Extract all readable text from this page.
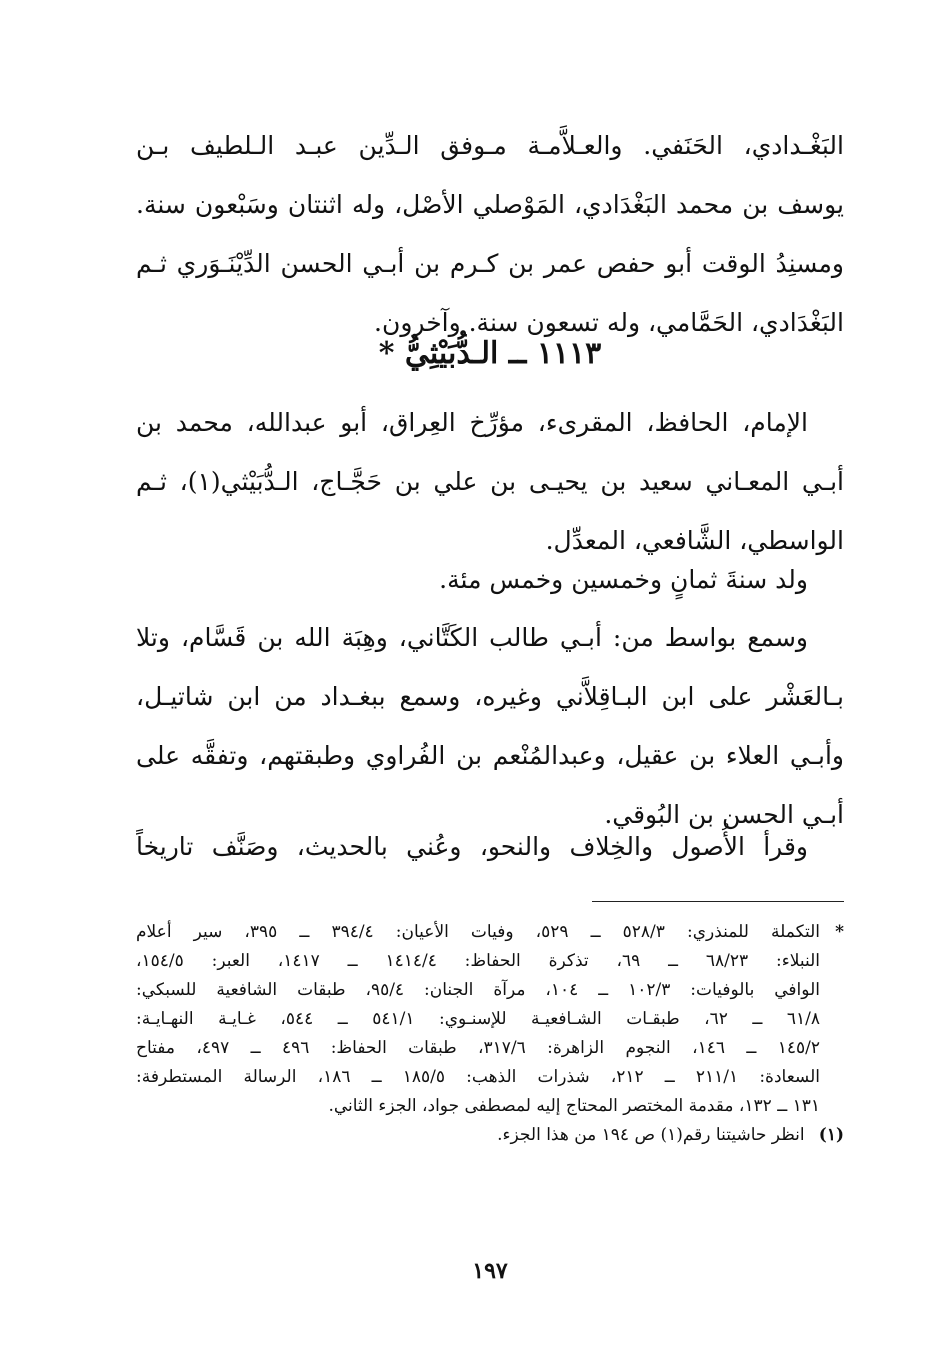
البَغْـدادي، الحَنَفي. والعـلاَّمـة مـوفق الـدِّين عبـد الـلطيف بـن
يوسف بن محمد البَغْدَادي، المَوْصلي الأصْل، وله اثنتان وسَبْعون سنة.
ومسنِدُ الوقت أبو حفص عمر بن كـرم بن أبـي الحسن الدِّيْنَـوَري ثـم
البَغْدَادي، الحَمَّامي، وله تسعون سنة. وآخرون.
١١١٣ ــ الـدُّبَيْثِيُّ *
الإمام، الحافظ، المقرىء، مؤرِّخ العِراق، أبو عبدالله، محمد بن
أبـي المعـاني سعيد بن يحيـى بن علي بن حَجَّـاج، الـدُّبَيْثي(١)، ثـم
الواسطي، الشَّافعي، المعدِّل.
ولد سنةَ ثمانٍ وخمسين وخمس مئة.
وسمع بواسط من: أبـي طالب الكَتَّاني، وهِبَة الله بن قَسَّام، وتلا
بـالعَشْر على ابن البـاقِلاَّني وغيره، وسمع ببغـداد من ابن شاتيـل،
وأبـي العلاء بن عقيل، وعبدالمُنْعم بن الفُراوي وطبقتهم، وتفقَّه على
أبـي الحسن بن البُوقي.
وقرأ الأُصول والخِلاف والنحو، وعُني بالحديث، وصَنَّف تاريخاً
*التكملة للمنذري: ٥٢٨/٣ ــ ٥٢٩، وفيات الأعيان: ٣٩٤/٤ ــ ٣٩٥، سير أعلام
النبلاء: ٦٨/٢٣ ــ ٦٩، تذكرة الحفاظ: ١٤١٤/٤ ــ ١٤١٧، العبر: ١٥٤/٥،
الوافي بالوفيات: ١٠٢/٣ ــ ١٠٤، مرآة الجنان: ٩٥/٤، طبقات الشافعية للسبكي:
٦١/٨ ــ ٦٢، طبقـات الشـافعيـة للإسنـوي: ٥٤١/١ ــ ٥٤٤، غـايـة النهـايـة:
١٤٥/٢ ــ ١٤٦، النجوم الزاهرة: ٣١٧/٦، طبقات الحفاظ: ٤٩٦ ــ ٤٩٧، مفتاح
السعادة: ٢١١/١ ــ ٢١٢، شذرات الذهب: ١٨٥/٥ ــ ١٨٦، الرسالة المستطرفة:
١٣١ ــ ١٣٢، مقدمة المختصر المحتاج إليه لمصطفى جواد، الجزء الثاني.
(١) انظر حاشيتنا رقم(١) ص ١٩٤ من هذا الجزء.
١٩٧
